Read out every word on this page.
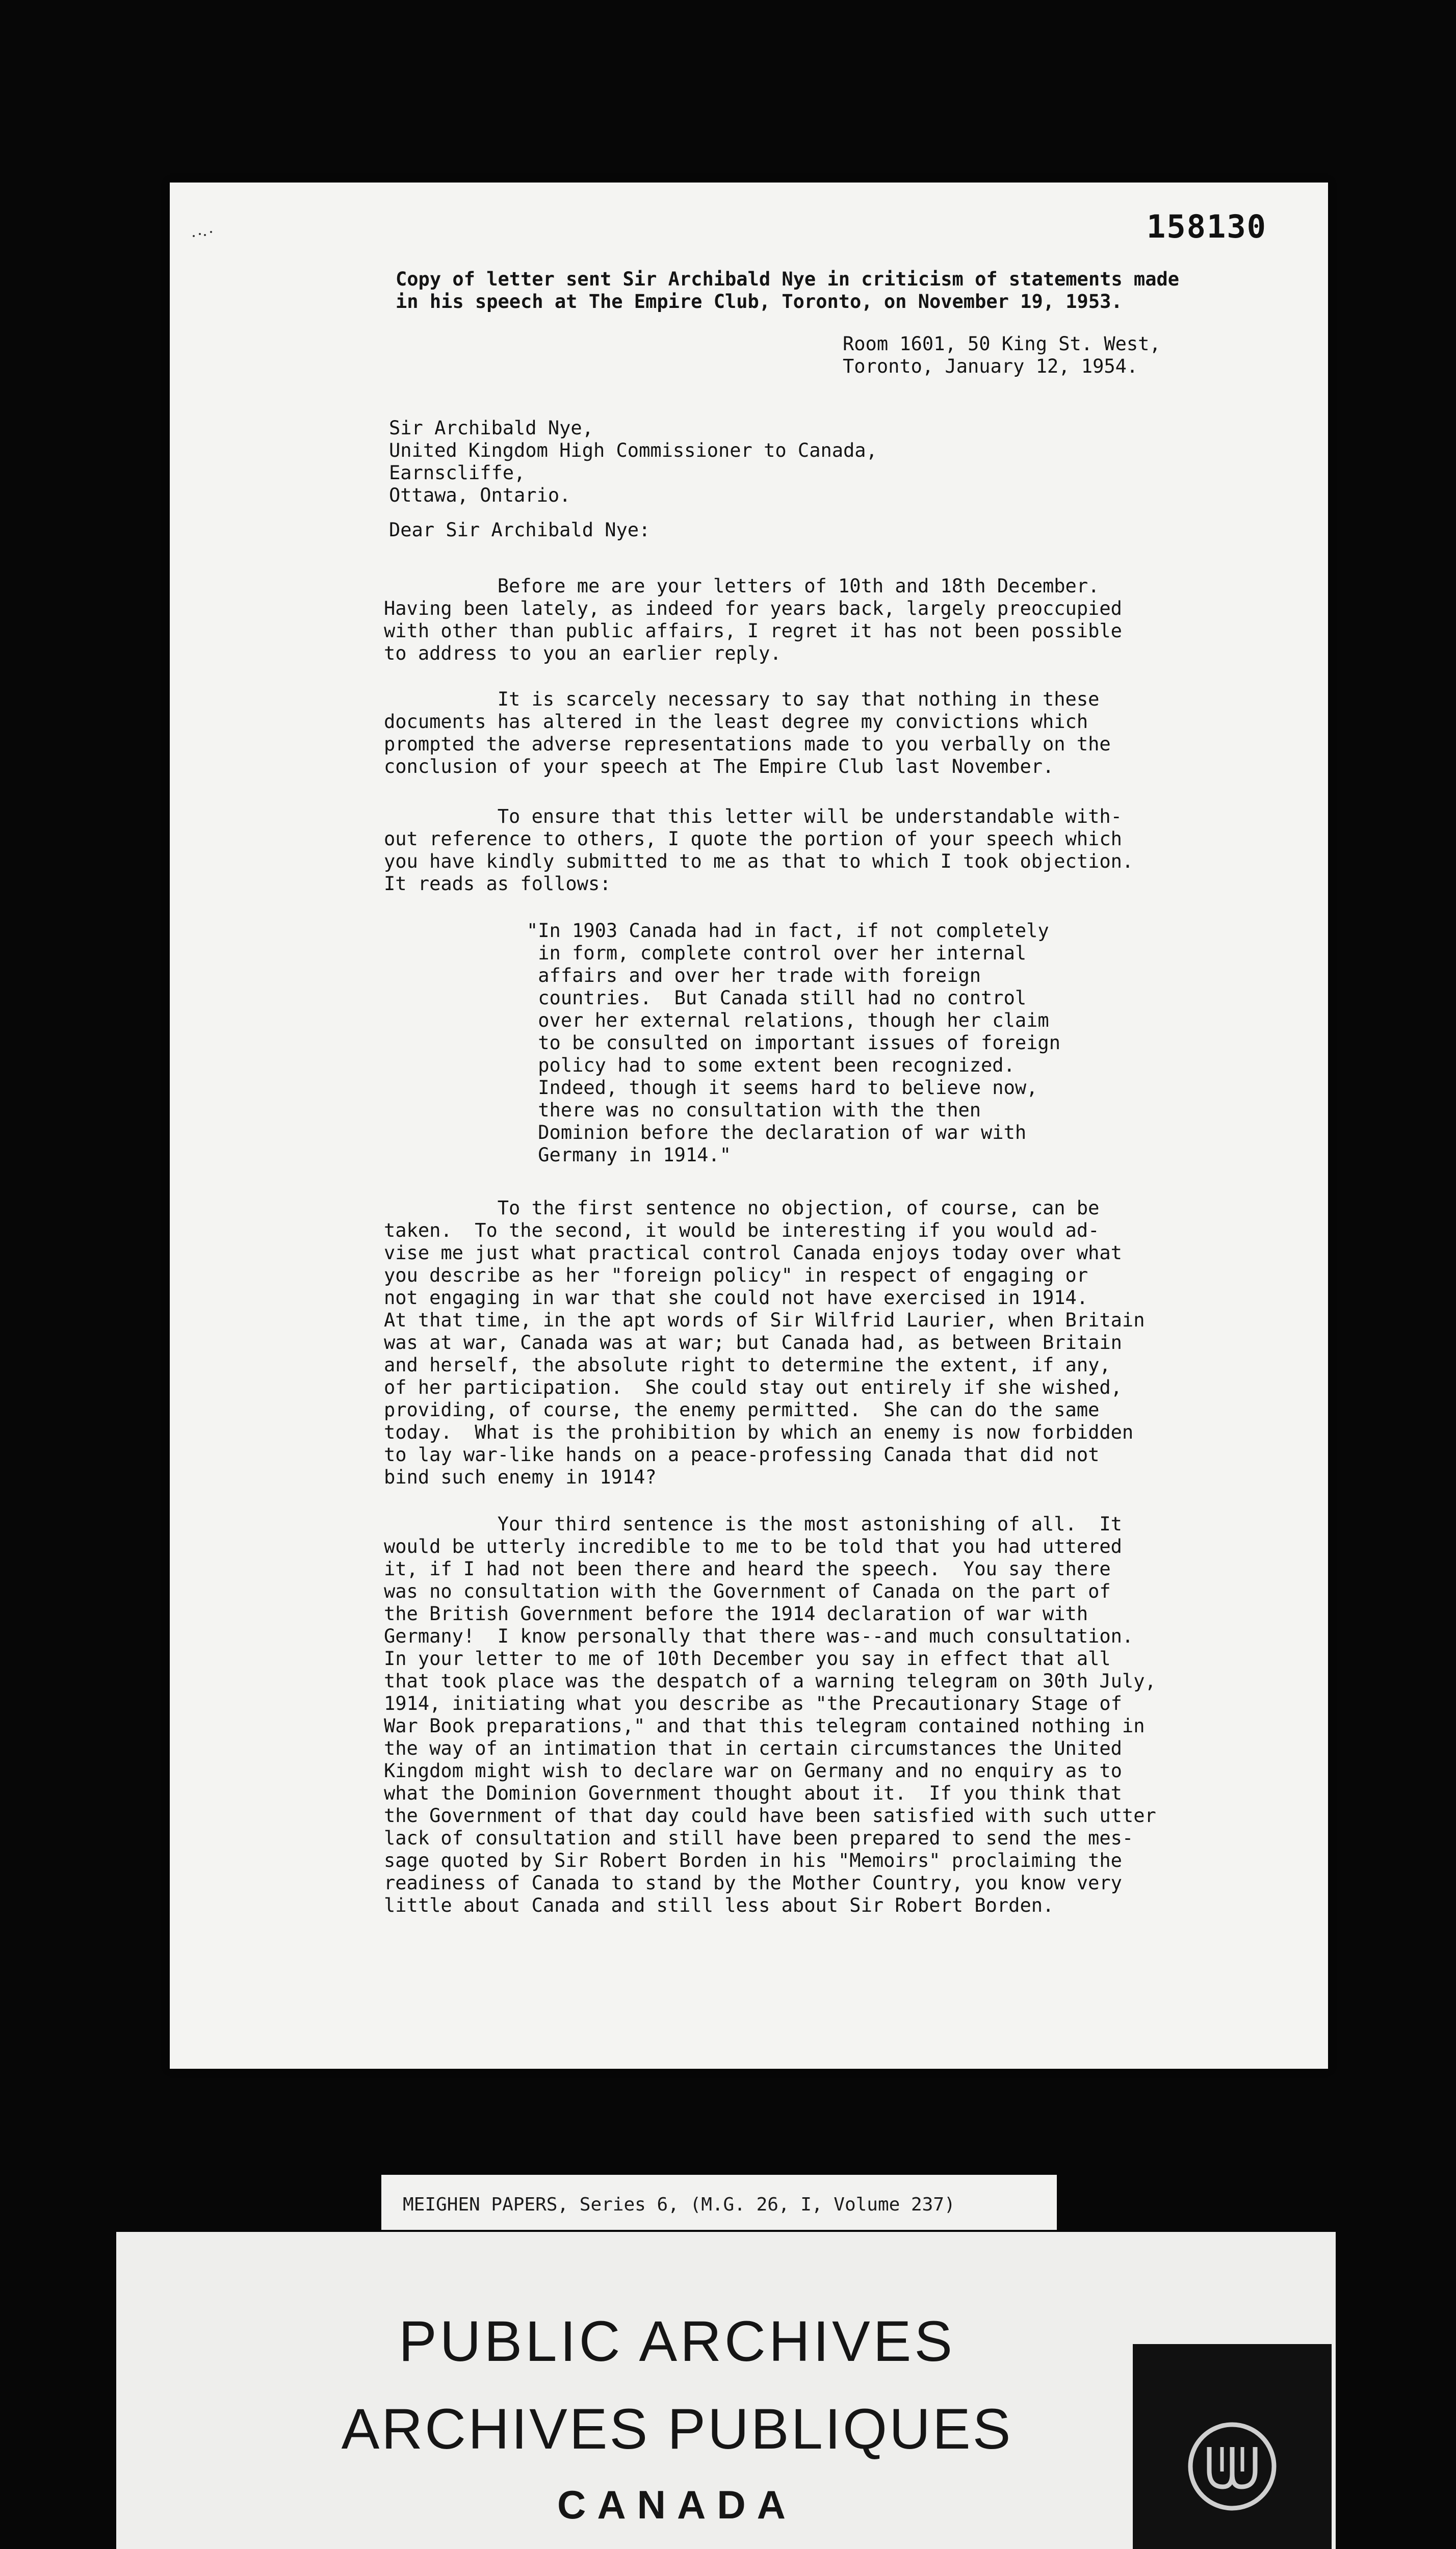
158130
Copy of letter sent Sir Archibald Nye in criticism of statements made
in his speech at The Empire Club, Toronto, on November 19, 1953.
Room 1601, 50 King St. West,
Toronto, January 12, 1954.
Sir Archibald Nye,
United Kingdom High Commissioner to Canada,
Earnscliffe,
Ottawa, Ontario.
Dear Sir Archibald Nye:
Before me are your letters of 10th and 18th December.
Having been lately, as indeed for years back, largely preoccupied
with other than public affairs, I regret it has not been possible
to address to you an earlier reply.
It is scarcely necessary to say that nothing in these
documents has altered in the least degree my convictions which
prompted the adverse representations made to you verbally on the
conclusion of your speech at The Empire Club last November.
To ensure that this letter will be understandable with-
out reference to others, I quote the portion of your speech which
you have kindly submitted to me as that to which I took objection.
It reads as follows:
"In 1903 Canada had in fact, if not completely
in form, complete control over her internal
affairs and over her trade with foreign
countries.  But Canada still had no control
over her external relations, though her claim
to be consulted on important issues of foreign
policy had to some extent been recognized.
Indeed, though it seems hard to believe now,
there was no consultation with the then
Dominion before the declaration of war with
Germany in 1914."
To the first sentence no objection, of course, can be
taken.  To the second, it would be interesting if you would ad-
vise me just what practical control Canada enjoys today over what
you describe as her "foreign policy" in respect of engaging or
not engaging in war that she could not have exercised in 1914.
At that time, in the apt words of Sir Wilfrid Laurier, when Britain
was at war, Canada was at war; but Canada had, as between Britain
and herself, the absolute right to determine the extent, if any,
of her participation.  She could stay out entirely if she wished,
providing, of course, the enemy permitted.  She can do the same
today.  What is the prohibition by which an enemy is now forbidden
to lay war-like hands on a peace-professing Canada that did not
bind such enemy in 1914?
Your third sentence is the most astonishing of all.  It
would be utterly incredible to me to be told that you had uttered
it, if I had not been there and heard the speech.  You say there
was no consultation with the Government of Canada on the part of
the British Government before the 1914 declaration of war with
Germany!  I know personally that there was--and much consultation.
In your letter to me of 10th December you say in effect that all
that took place was the despatch of a warning telegram on 30th July,
1914, initiating what you describe as "the Precautionary Stage of
War Book preparations," and that this telegram contained nothing in
the way of an intimation that in certain circumstances the United
Kingdom might wish to declare war on Germany and no enquiry as to
what the Dominion Government thought about it.  If you think that
the Government of that day could have been satisfied with such utter
lack of consultation and still have been prepared to send the mes-
sage quoted by Sir Robert Borden in his "Memoirs" proclaiming the
readiness of Canada to stand by the Mother Country, you know very
little about Canada and still less about Sir Robert Borden.
MEIGHEN PAPERS, Series 6, (M.G. 26, I, Volume 237)
PUBLIC ARCHIVES
ARCHIVES PUBLIQUES
CANADA
